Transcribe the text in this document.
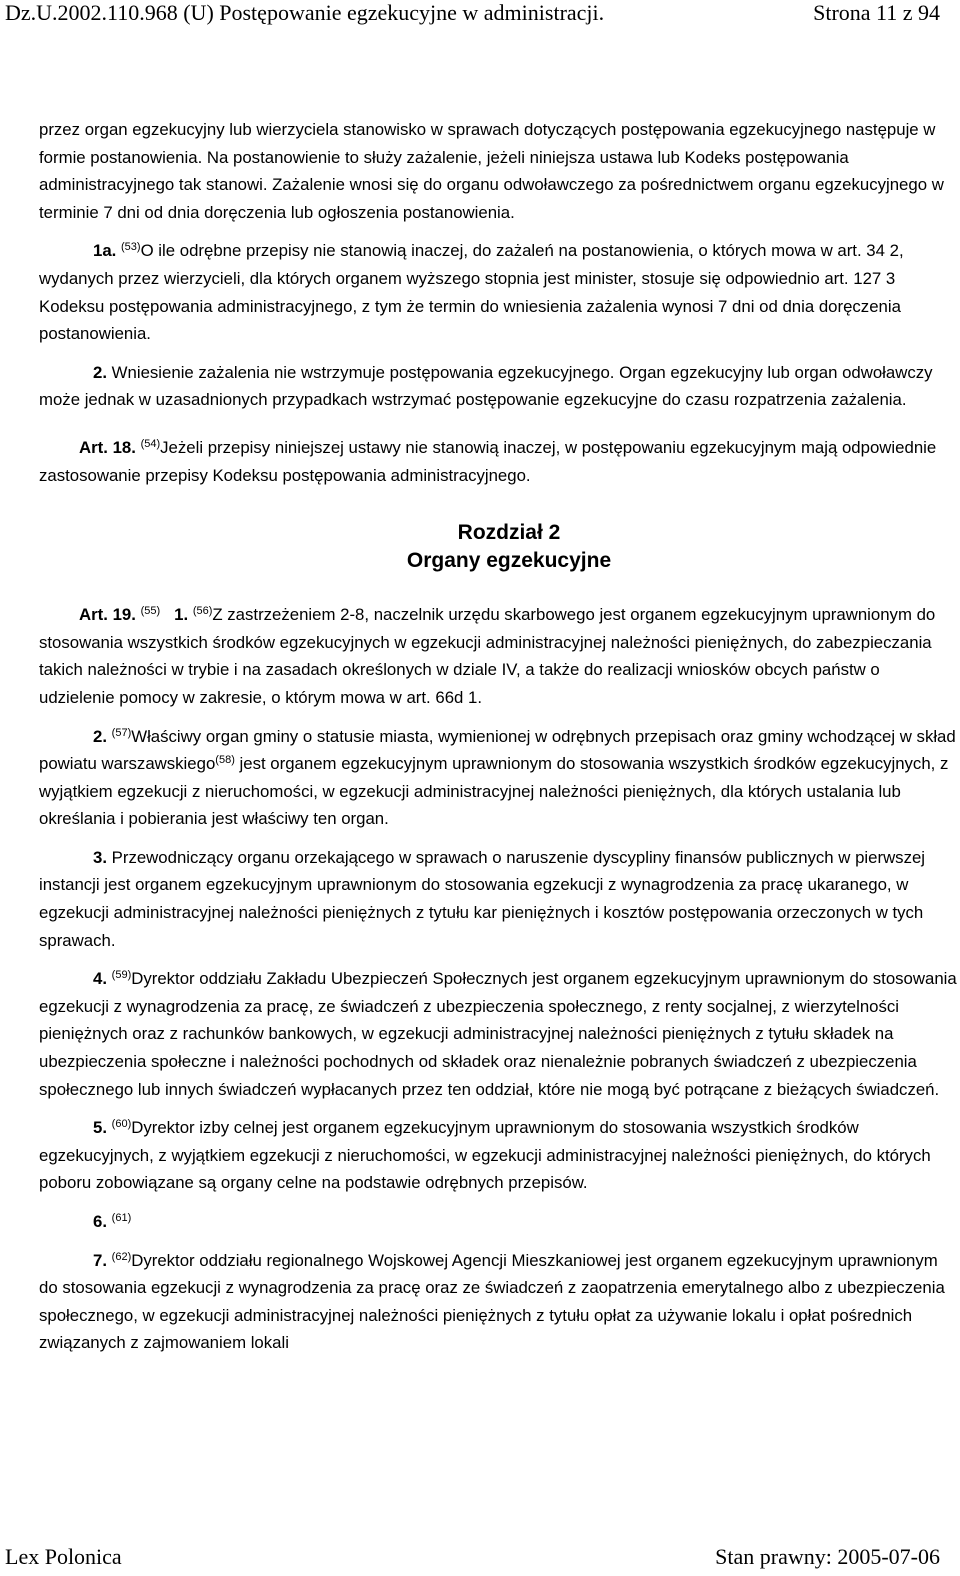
Dz.U.2002.110.968 (U) Postępowanie egzekucyjne w administracji.	Strona 11 z 94

przez organ egzekucyjny lub wierzyciela stanowisko w sprawach dotyczących postępowania egzekucyjnego następuje w formie postanowienia. Na postanowienie to służy zażalenie, jeżeli niniejsza ustawa lub Kodeks postępowania administracyjnego tak stanowi. Zażalenie wnosi się do organu odwoławczego za pośrednictwem organu egzekucyjnego w terminie 7 dni od dnia doręczenia lub ogłoszenia postanowienia.

1a. $^{(53)}$O ile odrębne przepisy nie stanowią inaczej, do zażaleń na postanowienia, o których mowa w art. 34 2, wydanych przez wierzycieli, dla których organem wyższego stopnia jest minister, stosuje się odpowiednio art. 127 3 Kodeksu postępowania administracyjnego, z tym że termin do wniesienia zażalenia wynosi 7 dni od dnia doręczenia postanowienia.

2. Wniesienie zażalenia nie wstrzymuje postępowania egzekucyjnego. Organ egzekucyjny lub organ odwoławczy może jednak w uzasadnionych przypadkach wstrzymać postępowanie egzekucyjne do czasu rozpatrzenia zażalenia.

Art. 18. $^{(54)}$Jeżeli przepisy niniejszej ustawy nie stanowią inaczej, w postępowaniu egzekucyjnym mają odpowiednie zastosowanie przepisy Kodeksu postępowania administracyjnego.

Rozdział 2

Organy egzekucyjne

Art. 19. $^{(55)}$ 1. $^{(56)}$Z zastrzeżeniem 2-8, naczelnik urzędu skarbowego jest organem egzekucyjnym uprawnionym do stosowania wszystkich środków egzekucyjnych w egzekucji administracyjnej należności pieniężnych, do zabezpieczania takich należności w trybie i na zasadach określonych w dziale IV, a także do realizacji wniosków obcych państw o udzielenie pomocy w zakresie, o którym mowa w art. 66d 1.

2. $^{(57)}$Właściwy organ gminy o statusie miasta, wymienionej w odrębnych przepisach oraz gminy wchodzącej w skład powiatu warszawskiego$^{(58)}$ jest organem egzekucyjnym uprawnionym do stosowania wszystkich środków egzekucyjnych, z wyjątkiem egzekucji z nieruchomości, w egzekucji administracyjnej należności pieniężnych, dla których ustalania lub określania i pobierania jest właściwy ten organ.

3. Przewodniczący organu orzekającego w sprawach o naruszenie dyscypliny finansów publicznych w pierwszej instancji jest organem egzekucyjnym uprawnionym do stosowania egzekucji z wynagrodzenia za pracę ukaranego, w egzekucji administracyjnej należności pieniężnych z tytułu kar pieniężnych i kosztów postępowania orzeczonych w tych sprawach.

4. $^{(59)}$Dyrektor oddziału Zakładu Ubezpieczeń Społecznych jest organem egzekucyjnym uprawnionym do stosowania egzekucji z wynagrodzenia za pracę, ze świadczeń z ubezpieczenia społecznego, z renty socjalnej, z wierzytelności pieniężnych oraz z rachunków bankowych, w egzekucji administracyjnej należności pieniężnych z tytułu składek na ubezpieczenia społeczne i należności pochodnych od składek oraz nienależnie pobranych świadczeń z ubezpieczenia społecznego lub innych świadczeń wypłacanych przez ten oddział, które nie mogą być potrącane z bieżących świadczeń.

5. $^{(60)}$Dyrektor izby celnej jest organem egzekucyjnym uprawnionym do stosowania wszystkich środków egzekucyjnych, z wyjątkiem egzekucji z nieruchomości, w egzekucji administracyjnej należności pieniężnych, do których poboru zobowiązane są organy celne na podstawie odrębnych przepisów.

6. $^{(61)}$

7. $^{(62)}$Dyrektor oddziału regionalnego Wojskowej Agencji Mieszkaniowej jest organem egzekucyjnym uprawnionym do stosowania egzekucji z wynagrodzenia za pracę oraz ze świadczeń z zaopatrzenia emerytalnego albo z ubezpieczenia społecznego, w egzekucji administracyjnej należności pieniężnych z tytułu opłat za używanie lokalu i opłat pośrednich związanych z zajmowaniem lokali

Lex Polonica	Stan prawny: 2005-07-06
